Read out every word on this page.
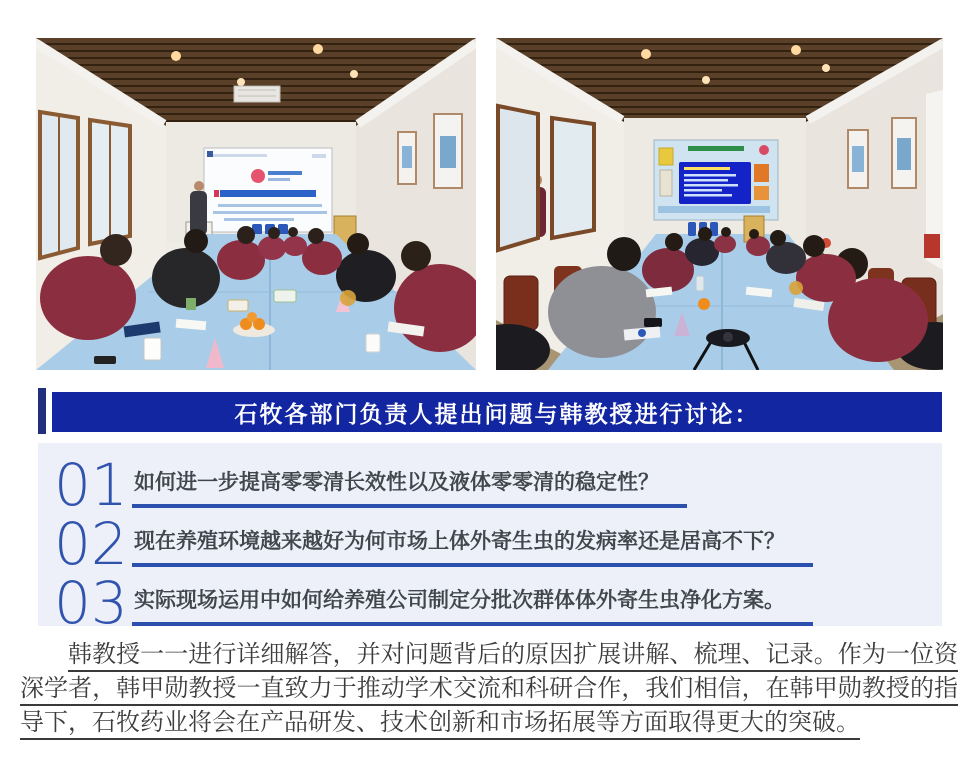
石牧各部门负责人提出问题与韩教授进行讨论：
01 如何进一步提高零零清长效性以及液体零零清的稳定性？
02 现在养殖环境越来越好为何市场上体外寄生虫的发病率还是居高不下？
03 实际现场运用中如何给养殖公司制定分批次群体体外寄生虫净化方案。

韩教授一一进行详细解答，并对问题背后的原因扩展讲解、梳理、记录。作为一位资深学者，韩甲勋教授一直致力于推动学术交流和科研合作，我们相信，在韩甲勋教授的指导下，石牧药业将会在产品研发、技术创新和市场拓展等方面取得更大的突破。
